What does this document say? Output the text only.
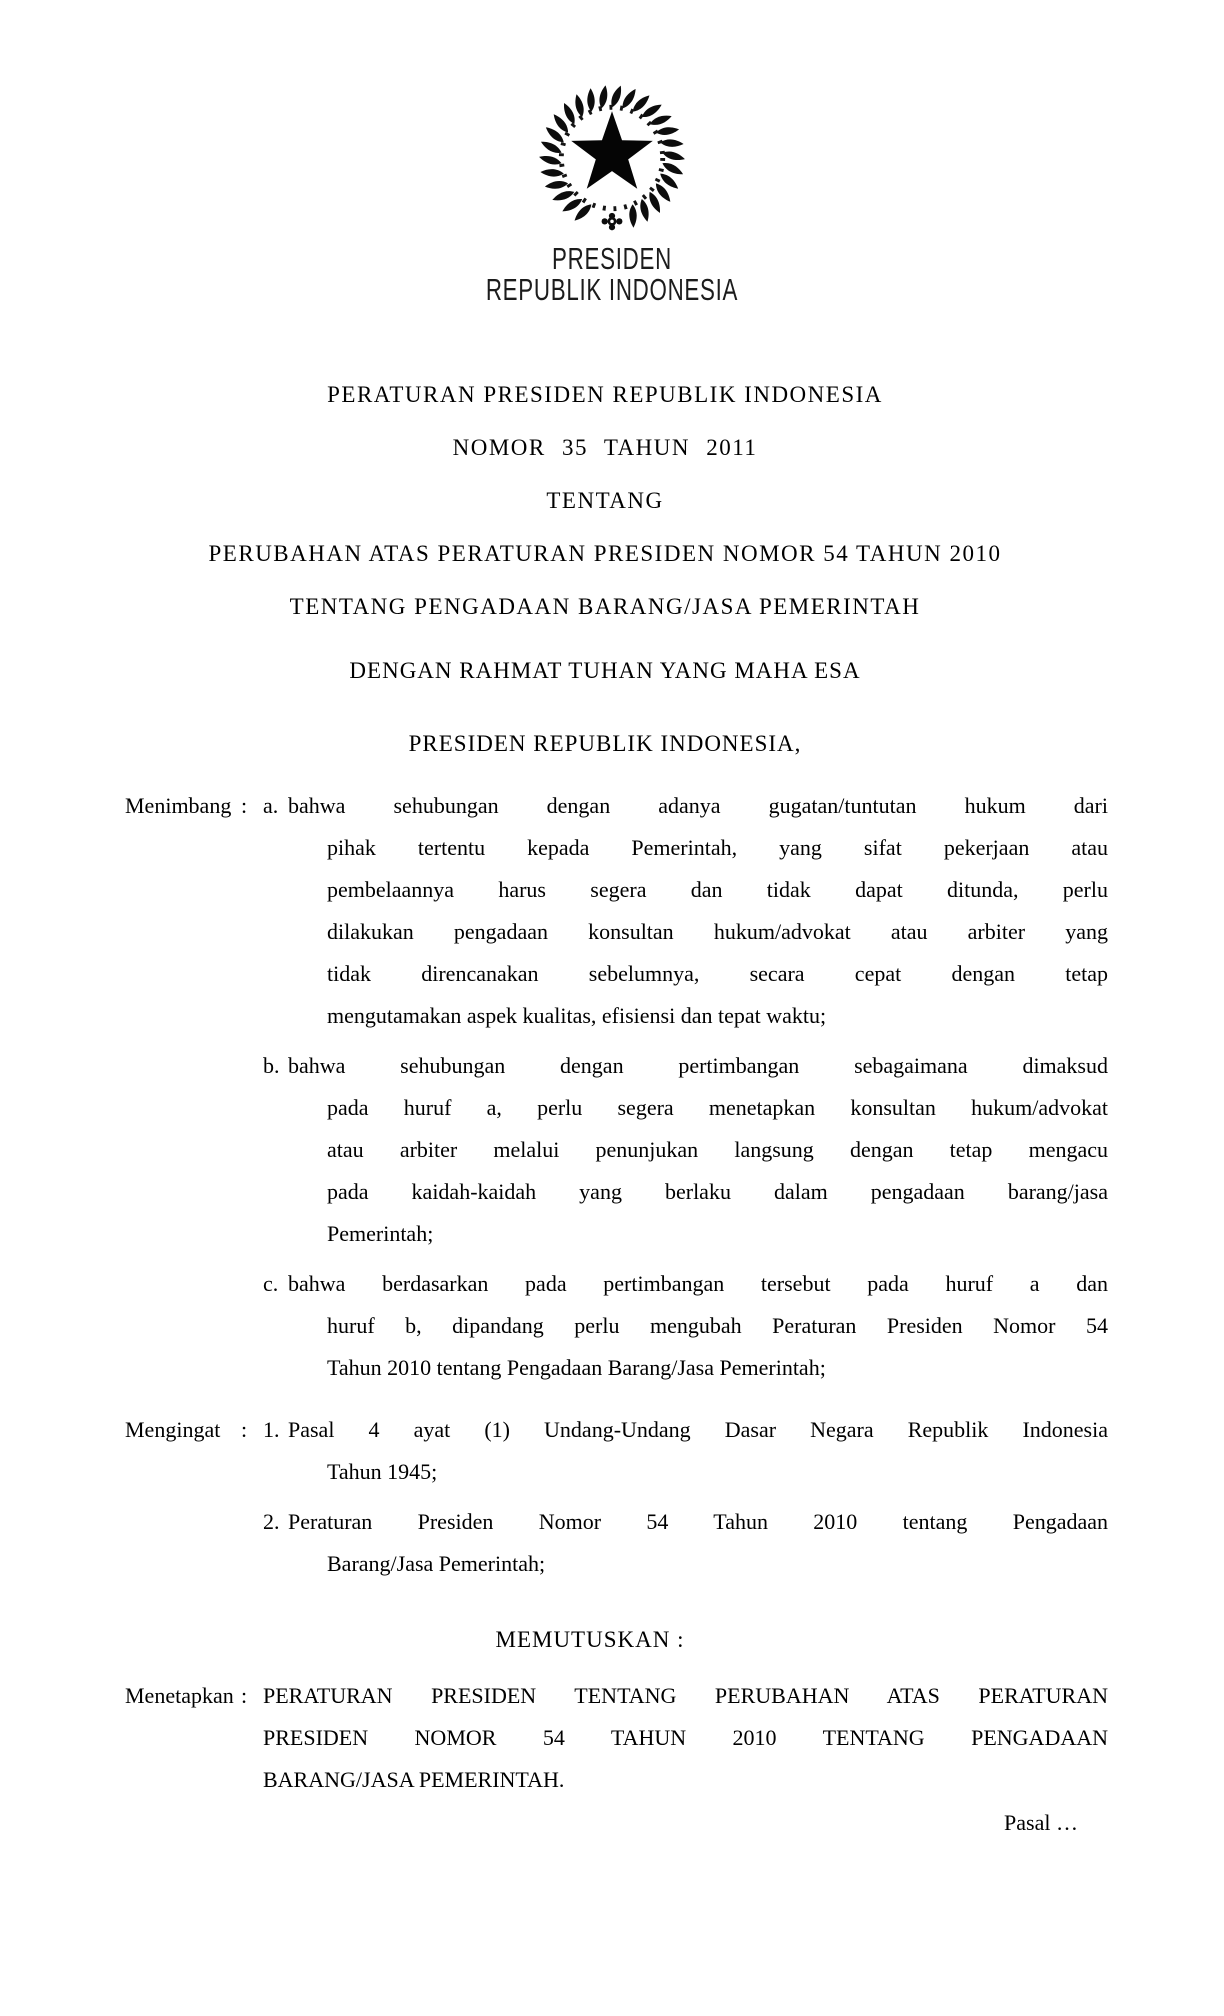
PRESIDEN
REPUBLIK INDONESIA
PERATURAN PRESIDEN REPUBLIK INDONESIA
NOMOR 35 TAHUN 2011
TENTANG
PERUBAHAN ATAS PERATURAN PRESIDEN NOMOR 54 TAHUN 2010
TENTANG PENGADAAN BARANG/JASA PEMERINTAH
DENGAN RAHMAT TUHAN YANG MAHA ESA
PRESIDEN REPUBLIK INDONESIA,
Menimbang : a. bahwa sehubungan dengan adanya gugatan/tuntutan hukum dari
pihak tertentu kepada Pemerintah, yang sifat pekerjaan atau
pembelaannya harus segera dan tidak dapat ditunda, perlu
dilakukan pengadaan konsultan hukum/advokat atau arbiter yang
tidak direncanakan sebelumnya, secara cepat dengan tetap
mengutamakan aspek kualitas, efisiensi dan tepat waktu;
b. bahwa sehubungan dengan pertimbangan sebagaimana dimaksud
pada huruf a, perlu segera menetapkan konsultan hukum/advokat
atau arbiter melalui penunjukan langsung dengan tetap mengacu
pada kaidah-kaidah yang berlaku dalam pengadaan barang/jasa
Pemerintah;
c. bahwa berdasarkan pada pertimbangan tersebut pada huruf a dan
huruf b, dipandang perlu mengubah Peraturan Presiden Nomor 54
Tahun 2010 tentang Pengadaan Barang/Jasa Pemerintah;
Mengingat : 1. Pasal 4 ayat (1) Undang-Undang Dasar Negara Republik Indonesia
Tahun 1945;
2. Peraturan Presiden Nomor 54 Tahun 2010 tentang Pengadaan
Barang/Jasa Pemerintah;
MEMUTUSKAN :
Menetapkan : PERATURAN PRESIDEN TENTANG PERUBAHAN ATAS PERATURAN
PRESIDEN NOMOR 54 TAHUN 2010 TENTANG PENGADAAN
BARANG/JASA PEMERINTAH.
Pasal …
